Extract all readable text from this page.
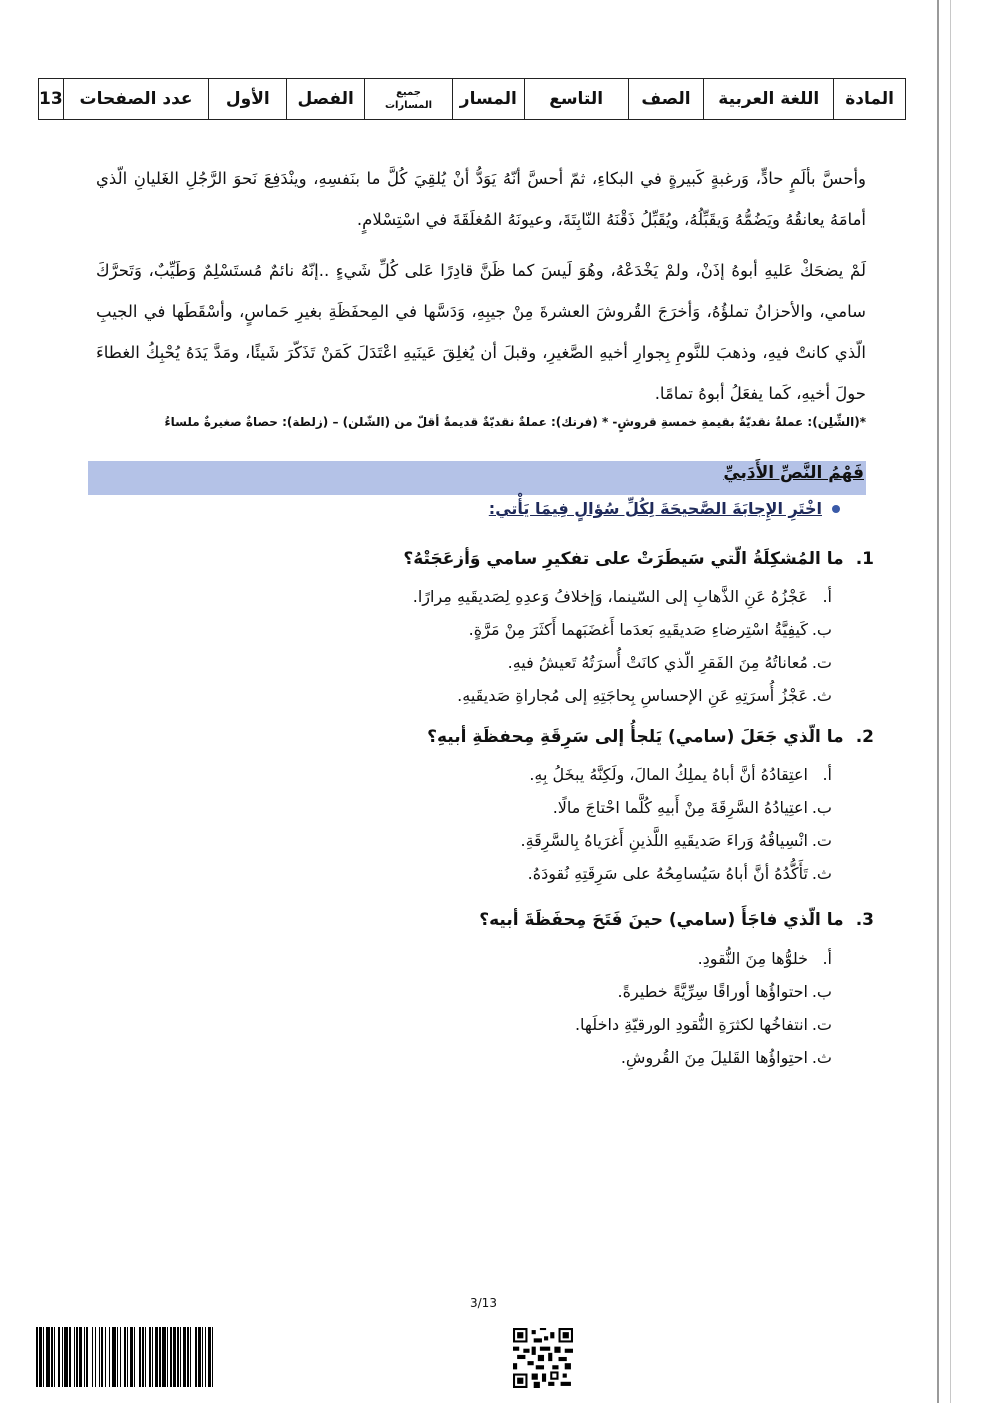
المادة
اللغة العربية
الصف
التاسع
المسار
جميع
المسارات
الفصل
الأول
عدد الصفحات
13

وأحسَّ بألَمٍ حادٍّ، وَرغبةٍ كَبيرةٍ في البكاءِ، ثمّ أحسَّ أنّهُ يَوَدُّ أنْ يُلقِيَ كُلَّ ما بنَفسِهِ، وينْدَفِعَ نَحوَ الرَّجُلِ الغَليانِ الّذي أمامَهُ يعانقُهُ ويَضُمُّهُ وَيقَبِّلُهُ، ويُقَبِّلُ ذَقْنَهُ النّابِتَةَ، وعيونَهُ المُغلَقَةَ في اسْتِسْلامٍ.

لَمْ يضحَكْ عَليهِ أبوهُ إذَنْ، ولمْ يَخْدَعْهُ، وهُوَ لَيسَ كما ظَنَّ قادِرًا عَلى كُلِّ شَيءٍ ..إنّهُ نائمٌ مُستَسْلِمٌ وَطَيِّبٌ، وَتَحرَّكَ سامي، والأحزانُ تملؤُهُ، وَأخرَجَ القُروشَ العشرةَ مِنْ جيبِهِ، وَدَسَّها في المِحفَظَةِ بغيرِ حَماسٍ، وأسْقَطَها في الجيبِ الّذي كانتْ فيهِ، وذهبَ للنَّومِ بِجوارِ أخيهِ الصَّغيرِ، وقبلَ أن يُغلِقَ عَينَيهِ اعْتَدَلَ كَمَنْ تَذَكّرَ شَيئًا، ومَدَّ يَدَهُ يُحْبِكُ الغطاءَ حولَ أخيهِ، كَما يفعَلُ أبوهُ تمامًا.

*(الشِّلِن): عملةٌ نقديّةٌ بقيمةِ خمسةِ قروشٍ- * (فرنك): عملةٌ نقديّةٌ قديمةٌ أقلّ من (الشّلن) – (زلطة): حصاةٌ صغيرةٌ ملساءُ
فَهْمُ النَّصِّ الأَدَبيِّ
اخْتَرِ الإِجابَةَ الصَّحيحَةَ لِكُلِّ سُؤالٍ فِيمَا يَأْتي:
1.ما المُشكِلَةُ الّتي سَيطَرَتْ على تفكيرِ سامي وَأزعَجَتْهُ؟
أ.عَجْزُهُ عَنِ الذَّهابِ إلى السّينما، وَإخلافُ وَعدِهِ لِصَديقَيهِ مِرارًا.
ب.كَيفِيَّةُ اسْتِرضاءِ صَديقَيهِ بَعدَما أَغضَبَهما أَكثَرَ مِنْ مَرَّةٍ.
ت.مُعاناتُهُ مِنَ الفَقرِ الّذي كانَتْ أُسرَتُهُ تَعيشُ فيهِ.
ث.عَجْزُ أُسرَتِهِ عَنِ الإحساسِ بِحاجَتِهِ إلى مُجاراةِ صَديقَيهِ.
2.ما الّذي جَعَلَ (سامي) يَلجأُ إلى سَرِقَةِ مِحفظَةِ أبيهِ؟
أ.اعتِقادُهُ أنَّ أباهُ يملِكُ المالَ، ولَكِنَّهُ يبخَلُ بِهِ.
ب.اعتِيادُهُ السَّرِقَةَ مِنْ أَبيهِ كُلَّما احْتاجَ مالًا.
ت.انْسِياقُهُ وَراءَ صَديقَيهِ اللَّذينِ أَغرَياهُ بِالسَّرِقَةِ.
ث.تَأَكُّدُهُ أنَّ أباهُ سَيُسامِحُهُ على سَرِقَتِهِ نُقودَهُ.
3.ما الّذي فاجَأَ (سامي) حينَ فَتَحَ مِحفَظَةَ أبيه؟
أ.خلوُّها مِنَ النُّقودِ.
ب.احتواؤُها أوراقًا سِرِّيَّةً خطيرةً.
ت.انتفاخُها لكثرَةِ النُّقودِ الورقيّةِ داخلَها.
ث.احتِواؤُها القَليلَ مِنَ القُروشِ.
3/13
